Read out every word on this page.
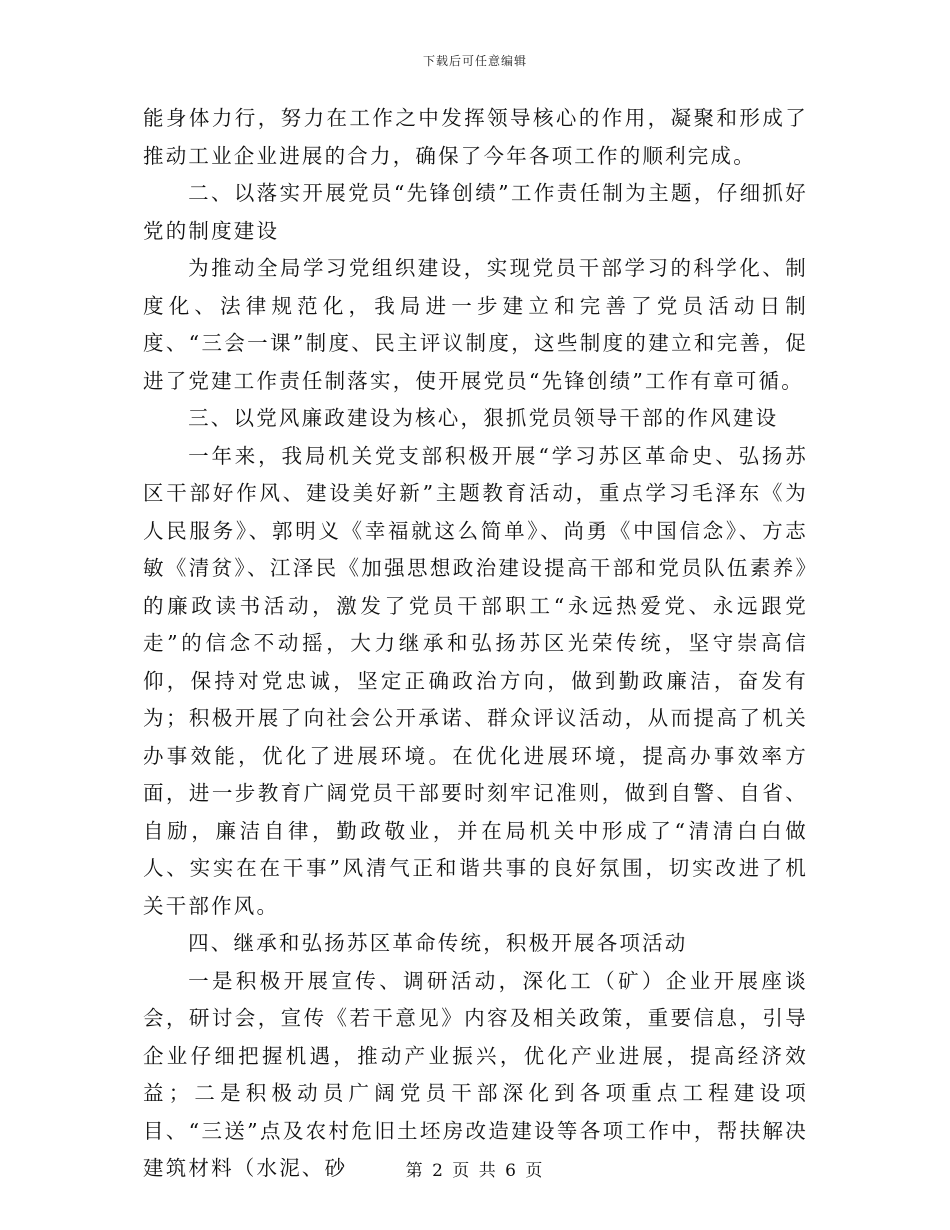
下载后可任意编辑

能身体力行，努力在工作之中发挥领导核心的作用，凝聚和形成了推动工业企业进展的合力，确保了今年各项工作的顺利完成。

二、以落实开展党员“先锋创绩”工作责任制为主题，仔细抓好党的制度建设

为推动全局学习党组织建设，实现党员干部学习的科学化、制度化、法律规范化，我局进一步建立和完善了党员活动日制度、“三会一课”制度、民主评议制度，这些制度的建立和完善，促进了党建工作责任制落实，使开展党员“先锋创绩”工作有章可循。

三、以党风廉政建设为核心，狠抓党员领导干部的作风建设

一年来，我局机关党支部积极开展“学习苏区革命史、弘扬苏区干部好作风、建设美好新”主题教育活动，重点学习毛泽东《为人民服务》、郭明义《幸福就这么简单》、尚勇《中国信念》、方志敏《清贫》、江泽民《加强思想政治建设提高干部和党员队伍素养》的廉政读书活动，激发了党员干部职工“永远热爱党、永远跟党走”的信念不动摇，大力继承和弘扬苏区光荣传统，坚守崇高信仰，保持对党忠诚，坚定正确政治方向，做到勤政廉洁，奋发有为；积极开展了向社会公开承诺、群众评议活动，从而提高了机关办事效能，优化了进展环境。在优化进展环境，提高办事效率方面，进一步教育广阔党员干部要时刻牢记准则，做到自警、自省、自励，廉洁自律，勤政敬业，并在局机关中形成了“清清白白做人、实实在在干事”风清气正和谐共事的良好氛围，切实改进了机关干部作风。

四、继承和弘扬苏区革命传统，积极开展各项活动

一是积极开展宣传、调研活动，深化工（矿）企业开展座谈会，研讨会，宣传《若干意见》内容及相关政策，重要信息，引导企业仔细把握机遇，推动产业振兴，优化产业进展，提高经济效益；二是积极动员广阔党员干部深化到各项重点工程建设项目、“三送”点及农村危旧土坯房改造建设等各项工作中，帮扶解决建筑材料（水泥、砂	第 2 页 共 6 页
